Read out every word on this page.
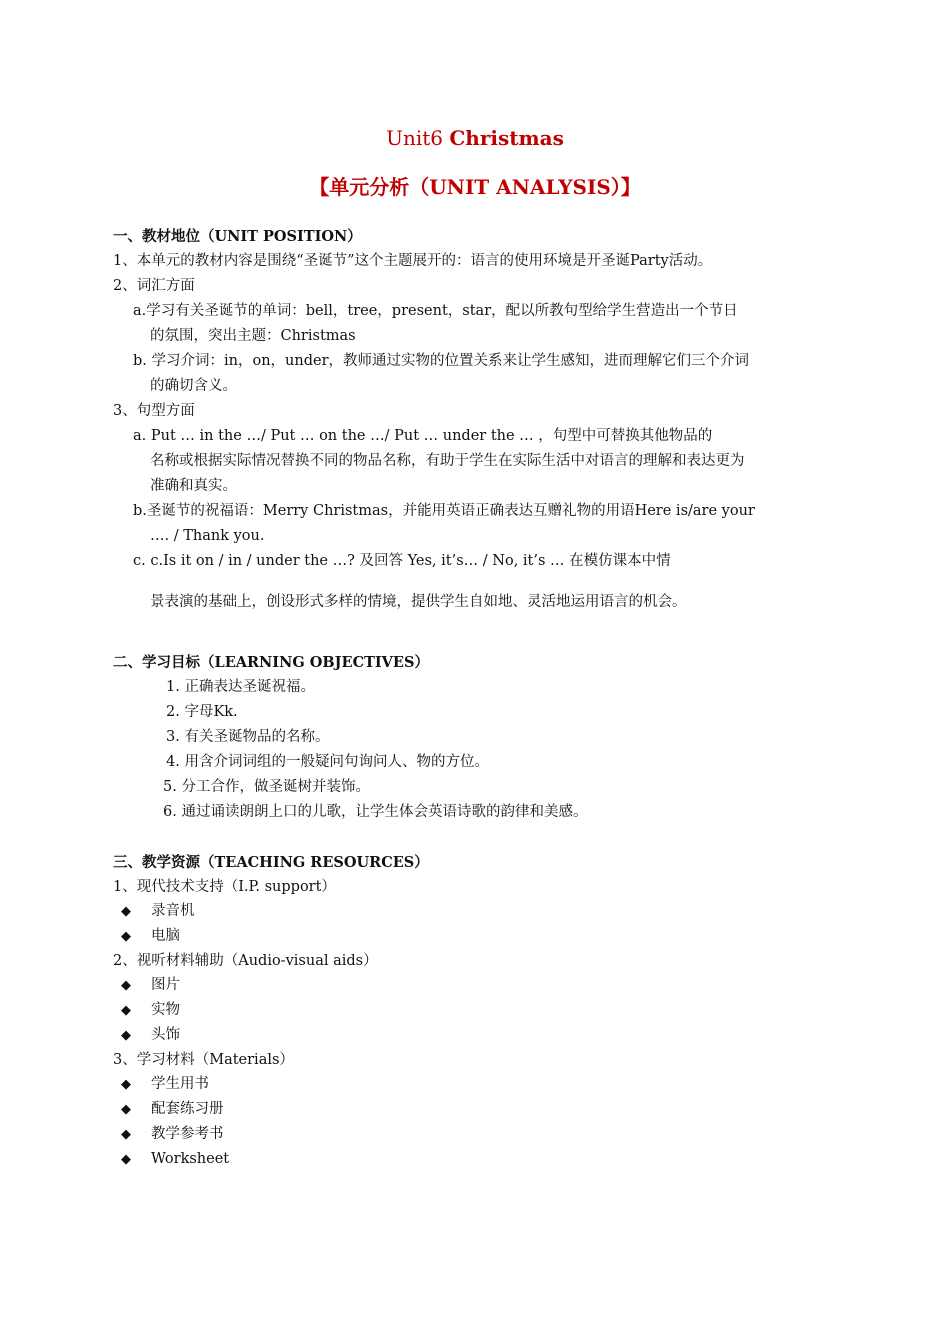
Unit6 Christmas
【单元分析（UNIT ANALYSIS）】
一、教材地位（UNIT POSITION）
1、本单元的教材内容是围绕“圣诞节”这个主题展开的：语言的使用环境是开圣诞Party活动。
2、词汇方面
a.学习有关圣诞节的单词：bell，tree，present，star，配以所教句型给学生营造出一个节日
的氛围，突出主题：Christmas
b. 学习介词：in，on，under，教师通过实物的位置关系来让学生感知，进而理解它们三个介词
的确切含义。
3、句型方面
a. Put … in the …/ Put … on the …/ Put … under the … ，句型中可替换其他物品的
名称或根据实际情况替换不同的物品名称，有助于学生在实际生活中对语言的理解和表达更为
准确和真实。
b.圣诞节的祝福语：Merry Christmas，并能用英语正确表达互赠礼物的用语Here is/are your
…. / Thank you.
c. c.Is it on / in / under the …? 及回答 Yes, it’s… / No, it’s … 在模仿课本中情
景表演的基础上，创设形式多样的情境，提供学生自如地、灵活地运用语言的机会。
二、学习目标（LEARNING OBJECTIVES）
1. 正确表达圣诞祝福。
2. 字母Kk.
3. 有关圣诞物品的名称。
4. 用含介词词组的一般疑问句询问人、物的方位。
5. 分工合作，做圣诞树并装饰。
6. 通过诵读朗朗上口的儿歌，让学生体会英语诗歌的韵律和美感。
三、教学资源（TEACHING RESOURCES）
1、现代技术支持（I.P. support）
◆ 录音机
◆ 电脑
2、视听材料辅助（Audio-visual aids）
◆ 图片
◆ 实物
◆ 头饰
3、学习材料（Materials）
◆ 学生用书
◆ 配套练习册
◆ 教学参考书
◆ Worksheet
